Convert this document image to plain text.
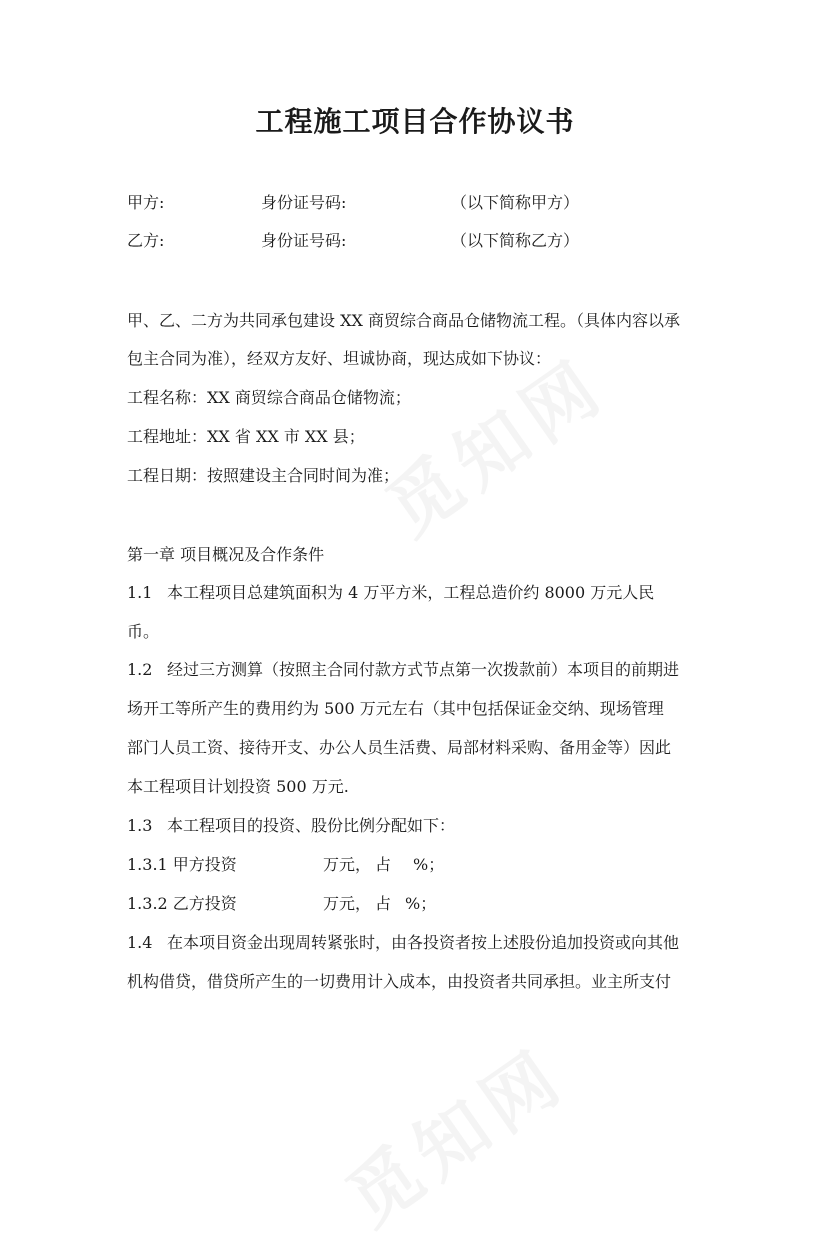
工程施工项目合作协议书
甲方:	身份证号码:	（以下简称甲方）
乙方:	身份证号码:	（以下简称乙方）
甲、乙、二方为共同承包建设 XX 商贸综合商品仓储物流工程。（具体内容以承
包主合同为准），经双方友好、坦诚协商，现达成如下协议：
工程名称：XX 商贸综合商品仓储物流；
工程地址：XX 省 XX 市 XX 县；
工程日期：按照建设主合同时间为准；
第一章 项目概况及合作条件
1.1 本工程项目总建筑面积为 4 万平方米，工程总造价约 8000 万元人民
币。
1.2 经过三方测算（按照主合同付款方式节点第一次拨款前）本项目的前期进
场开工等所产生的费用约为 500 万元左右（其中包括保证金交纳、现场管理
部门人员工资、接待开支、办公人员生活费、局部材料采购、备用金等）因此
本工程项目计划投资 500 万元.
1.3 本工程项目的投资、股份比例分配如下：
1.3.1 甲方投资	万元， 占 %；
1.3.2 乙方投资	万元， 占 %；
1.4 在本项目资金出现周转紧张时，由各投资者按上述股份追加投资或向其他
机构借贷，借贷所产生的一切费用计入成本，由投资者共同承担。业主所支付
